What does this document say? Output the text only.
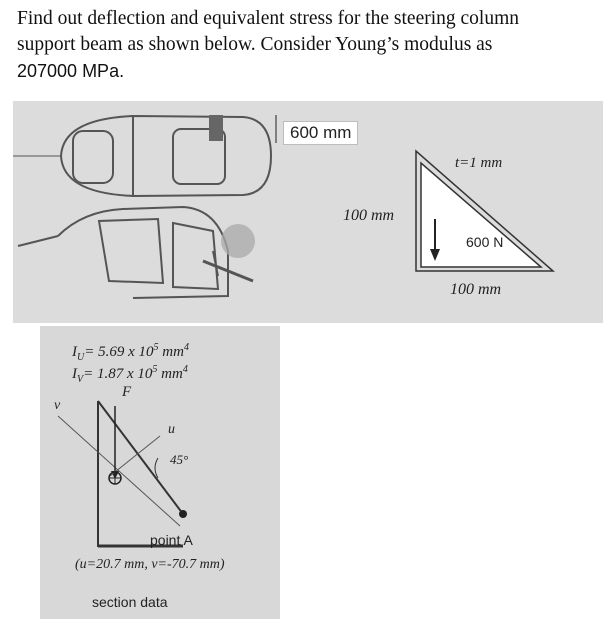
Find out deflection and equivalent stress for the steering column
support beam as shown below. Consider Young’s modulus as
207000 MPa.
600 mm
t=1 mm
100 mm
600 N
100 mm
$I_U= 5.69$ x $10^5$ $mm^4$
$I_V= 1.87$ x $10^5$ $mm^4$
F
v
u
45°
point A
(u=20.7 mm, v=-70.7 mm)
section data
